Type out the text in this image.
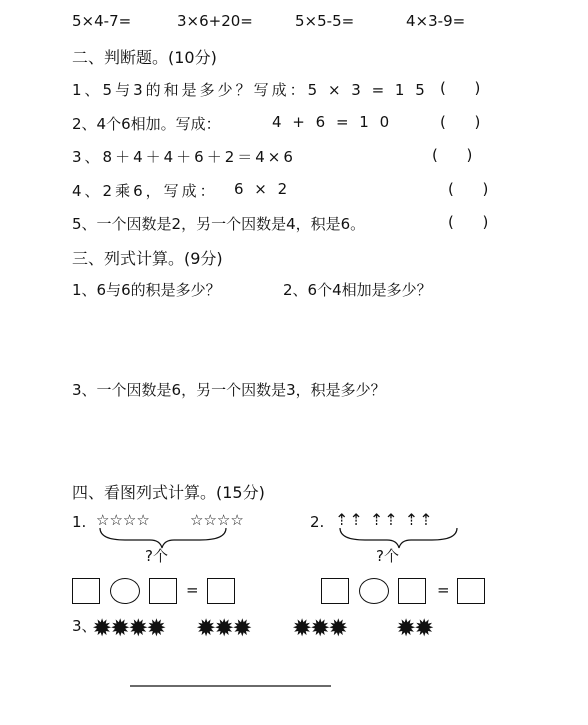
5×4-7=	3×6+20=	5×5-5=	4×3-9=
二、判断题。(10分)
1、5与3的和是多少？写成：5 × 3 = 1 5 (      )
2、4个6相加。写成：	4 + 6 = 1 0	(      )
3、8＋4＋4＋6＋2＝4×6	(      )
4、2乘6，写成： 6 × 2	(      )
5、一个因数是2，另一个因数是4，积是6。	(      )
三、列式计算。(9分)
1、6与6的积是多少？	2、6个4相加是多少？
3、一个因数是6，另一个因数是3，积是多少？
四、看图列式计算。(15分)
1. ☆☆☆☆	☆☆☆☆
?个
2. ⇡⇡ ⇡⇡ ⇡⇡
?个
=	=
3、
✹✹✹✹ ✹✹✹ ✹✹✹ ✹✹
